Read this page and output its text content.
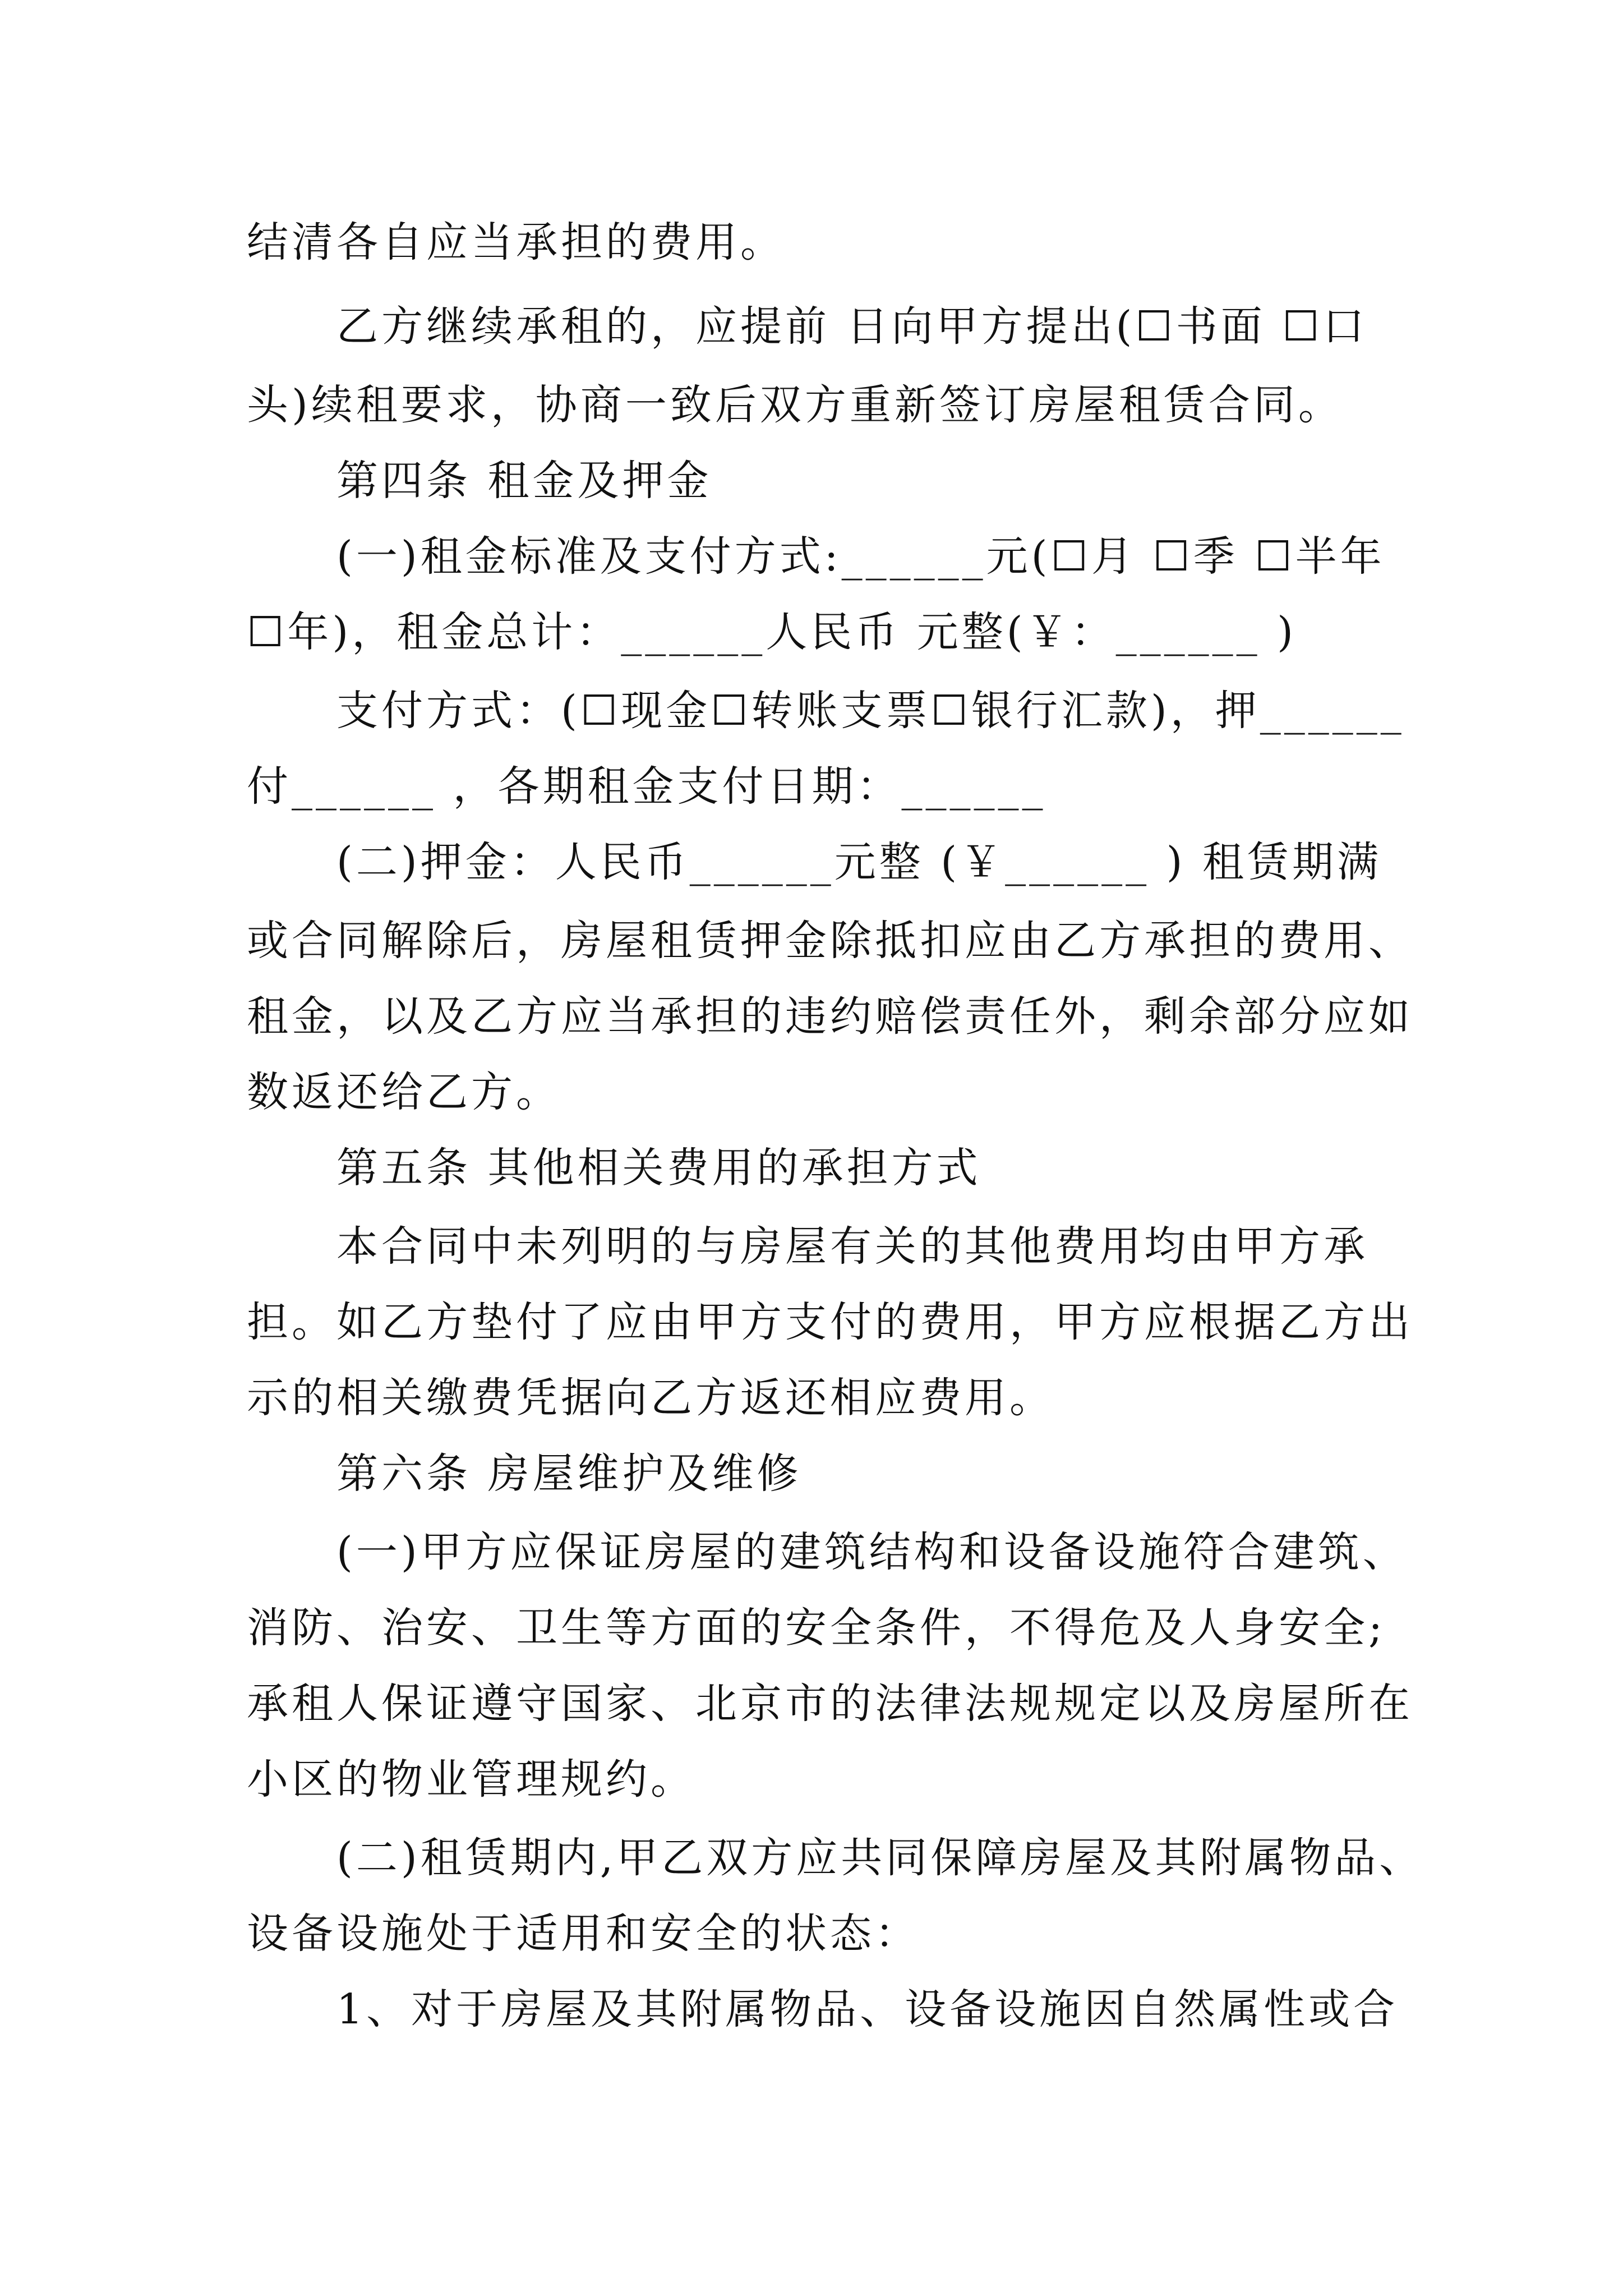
结清各自应当承担的费用。
乙方继续承租的，应提前 日向甲方提出(☐书面 ☐口
头)续租要求，协商一致后双方重新签订房屋租赁合同。
第四条 租金及押金
(一)租金标准及支付方式:______元(☐月 ☐季 ☐半年
☐年)，租金总计：______人民币 元整(￥：______ )
支付方式：(☐现金☐转账支票☐银行汇款)，押______
付______ ，各期租金支付日期：______
(二)押金：人民币______元整 (￥______ ) 租赁期满
或合同解除后，房屋租赁押金除抵扣应由乙方承担的费用、
租金，以及乙方应当承担的违约赔偿责任外，剩余部分应如
数返还给乙方。
第五条 其他相关费用的承担方式
本合同中未列明的与房屋有关的其他费用均由甲方承
担。如乙方垫付了应由甲方支付的费用，甲方应根据乙方出
示的相关缴费凭据向乙方返还相应费用。
第六条 房屋维护及维修
(一)甲方应保证房屋的建筑结构和设备设施符合建筑、
消防、治安、卫生等方面的安全条件，不得危及人身安全;
承租人保证遵守国家、北京市的法律法规规定以及房屋所在
小区的物业管理规约。
(二)租赁期内,甲乙双方应共同保障房屋及其附属物品、
设备设施处于适用和安全的状态：
1、对于房屋及其附属物品、设备设施因自然属性或合
